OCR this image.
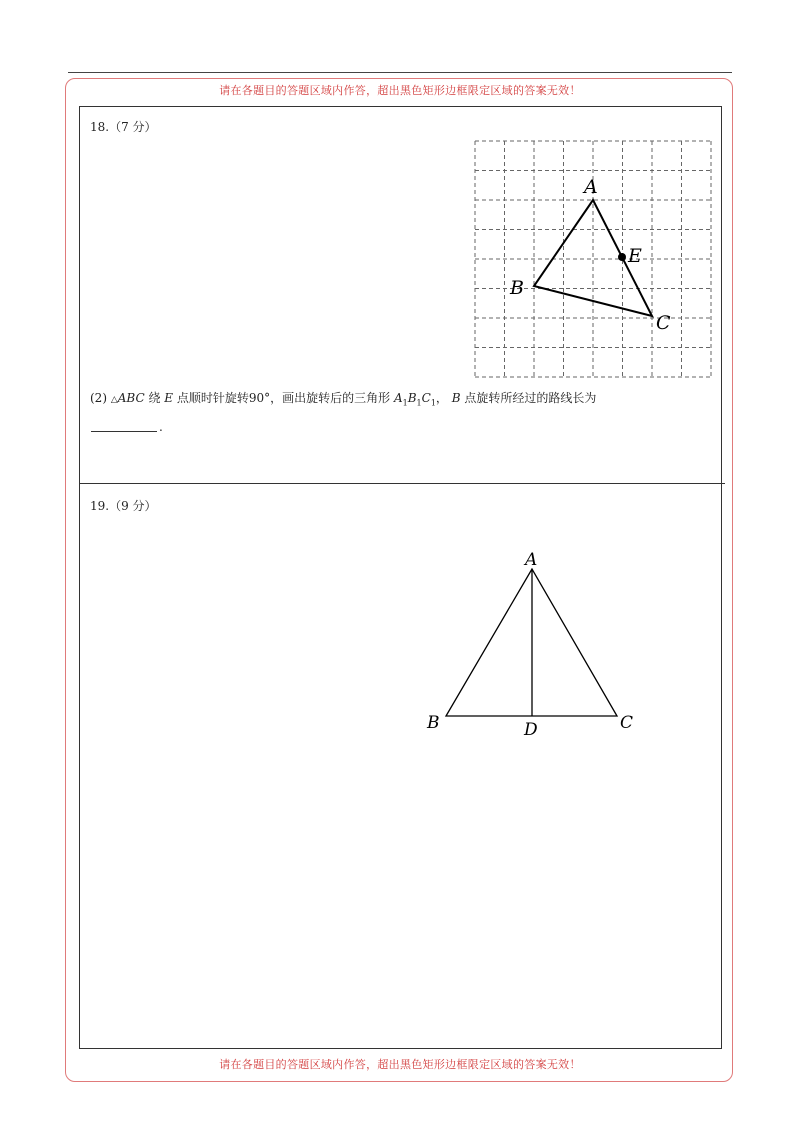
请在各题目的答题区域内作答，超出黑色矩形边框限定区域的答案无效！
请在各题目的答题区域内作答，超出黑色矩形边框限定区域的答案无效！
18.（7 分）
A
B
C
E
(2) △ABC 绕 E 点顺时针旋转90°，画出旋转后的三角形 $A_1B_1C_1$， B 点旋转所经过的路线长为
.
19.（9 分）
A
B	C
D
